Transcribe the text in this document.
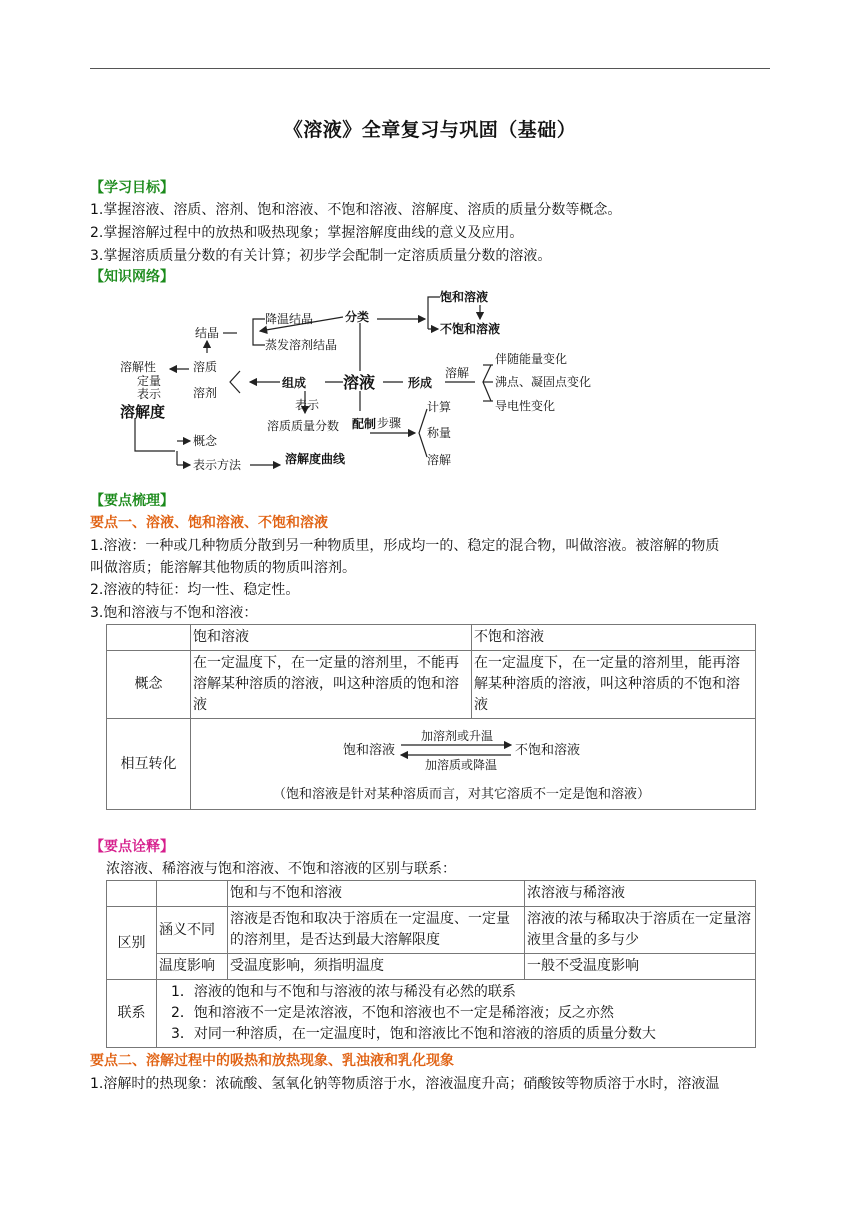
《溶液》全章复习与巩固（基础）
【学习目标】
1.掌握溶液、溶质、溶剂、饱和溶液、不饱和溶液、溶解度、溶质的质量分数等概念。
2.掌握溶解过程中的放热和吸热现象；掌握溶解度曲线的意义及应用。
3.掌握溶质质量分数的有关计算；初步学会配制一定溶质质量分数的溶液。
【知识网络】
饱和溶液
不饱和溶液
分类
降温结晶
蒸发溶剂结晶
结晶
溶质
溶剂
溶解性
定量
表示
溶解度
组成 溶液
表示
溶质质量分数
形成
溶解
伴随能量变化
沸点、凝固点变化
导电性变化
配制 步骤
计算
称量
溶解
概念
表示方法	溶解度曲线
【要点梳理】
要点一、溶液、饱和溶液、不饱和溶液
1.溶液：一种或几种物质分散到另一种物质里，形成均一的、稳定的混合物，叫做溶液。被溶解的物质
叫做溶质；能溶解其他物质的物质叫溶剂。
2.溶液的特征：均一性、稳定性。
3.饱和溶液与不饱和溶液：
	饱和溶液	不饱和溶液
概念	在一定温度下，在一定量的溶剂里，不能再溶解某种溶质的溶液，叫这种溶质的饱和溶液	在一定温度下，在一定量的溶剂里，能再溶解某种溶质的溶液，叫这种溶质的不饱和溶液
相互转化	饱和溶液 不饱和溶液
加溶剂或升温
加溶质或降温
（饱和溶液是针对某种溶质而言，对其它溶质不一定是饱和溶液）	
【要点诠释】
浓溶液、稀溶液与饱和溶液、不饱和溶液的区别与联系：
		饱和与不饱和溶液	浓溶液与稀溶液
区别	涵义不同	溶液是否饱和取决于溶质在一定温度、一定量的溶剂里，是否达到最大溶解限度	溶液的浓与稀取决于溶质在一定量溶液里含量的多与少
	温度影响	受温度影响，须指明温度	一般不受温度影响
联系	1．溶液的饱和与不饱和与溶液的浓与稀没有必然的联系
2．饱和溶液不一定是浓溶液，不饱和溶液也不一定是稀溶液；反之亦然
3．对同一种溶质，在一定温度时，饱和溶液比不饱和溶液的溶质的质量分数大		
要点二、溶解过程中的吸热和放热现象、乳浊液和乳化现象
1.溶解时的热现象：浓硫酸、氢氧化钠等物质溶于水，溶液温度升高；硝酸铵等物质溶于水时，溶液温
